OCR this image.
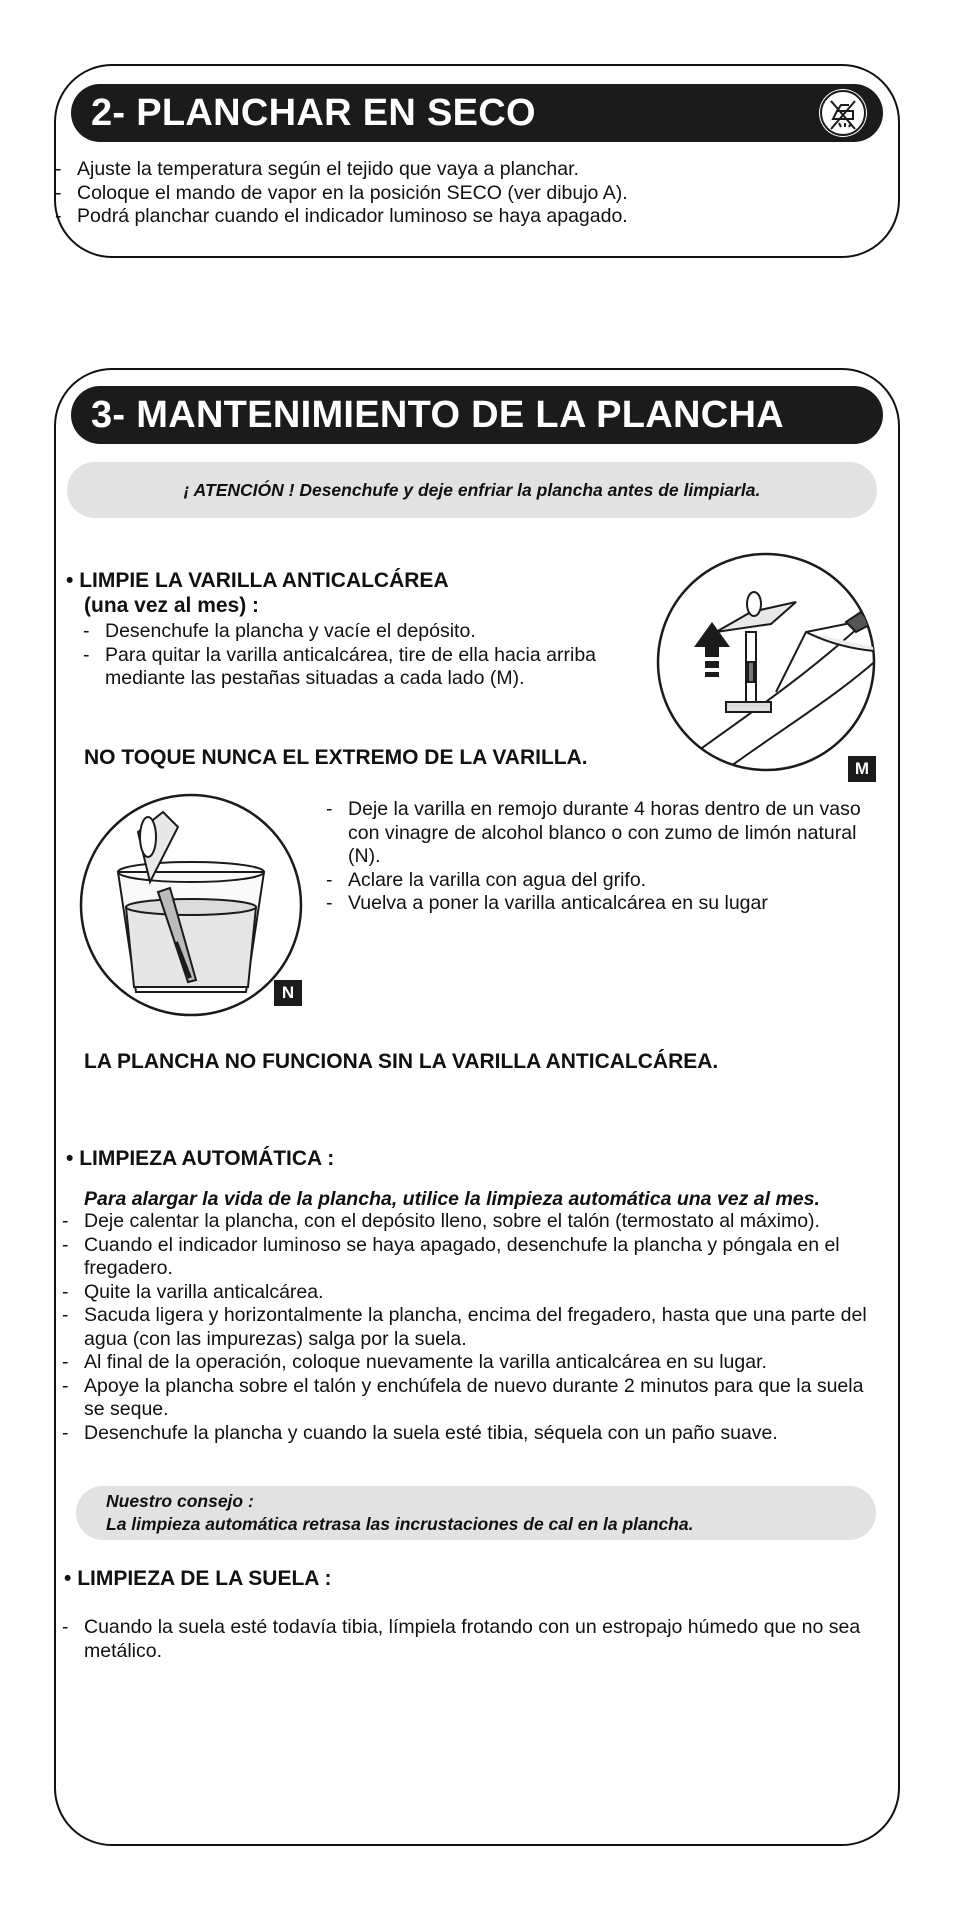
2- PLANCHAR EN SECO
- Ajuste la temperatura según el tejido que vaya a planchar.
- Coloque el mando de vapor en la posición SECO (ver dibujo A).
- Podrá planchar cuando el indicador luminoso se haya apagado.
3- MANTENIMIENTO DE LA PLANCHA
¡ ATENCIÓN ! Desenchufe y deje enfriar la plancha antes de limpiarla.
• LIMPIE LA VARILLA ANTICALCÁREA
(una vez al mes) :
- Desenchufe la plancha y vacíe el depósito.
- Para quitar la varilla anticalcárea, tire de ella hacia arriba mediante las pestañas situadas a cada lado (M).
M
NO TOQUE NUNCA EL EXTREMO DE LA VARILLA.
N
- Deje la varilla en remojo durante 4 horas dentro de un vaso con vinagre de alcohol blanco o con zumo de limón natural (N).
- Aclare la varilla con agua del grifo.
- Vuelva a poner la varilla anticalcárea en su lugar
LA PLANCHA NO FUNCIONA SIN LA VARILLA ANTICALCÁREA.
• LIMPIEZA AUTOMÁTICA :
Para alargar la vida de la plancha, utilice la limpieza automática una vez al mes.
- Deje calentar la plancha, con el depósito lleno, sobre el talón (termostato al máximo).
- Cuando el indicador luminoso se haya apagado, desenchufe la plancha y póngala en el fregadero.
- Quite la varilla anticalcárea.
- Sacuda ligera y horizontalmente la plancha, encima del fregadero, hasta que una parte del agua (con las impurezas) salga por la suela.
- Al final de la operación, coloque nuevamente la varilla anticalcárea en su lugar.
- Apoye la plancha sobre el talón y enchúfela de nuevo durante 2 minutos para que la suela se seque.
- Desenchufe la plancha y cuando la suela esté tibia, séquela con un paño suave.
Nuestro consejo :
La limpieza automática retrasa las incrustaciones de cal en la plancha.
• LIMPIEZA DE LA SUELA :
- Cuando la suela esté todavía tibia, límpiela frotando con un estropajo húmedo que no sea metálico.
